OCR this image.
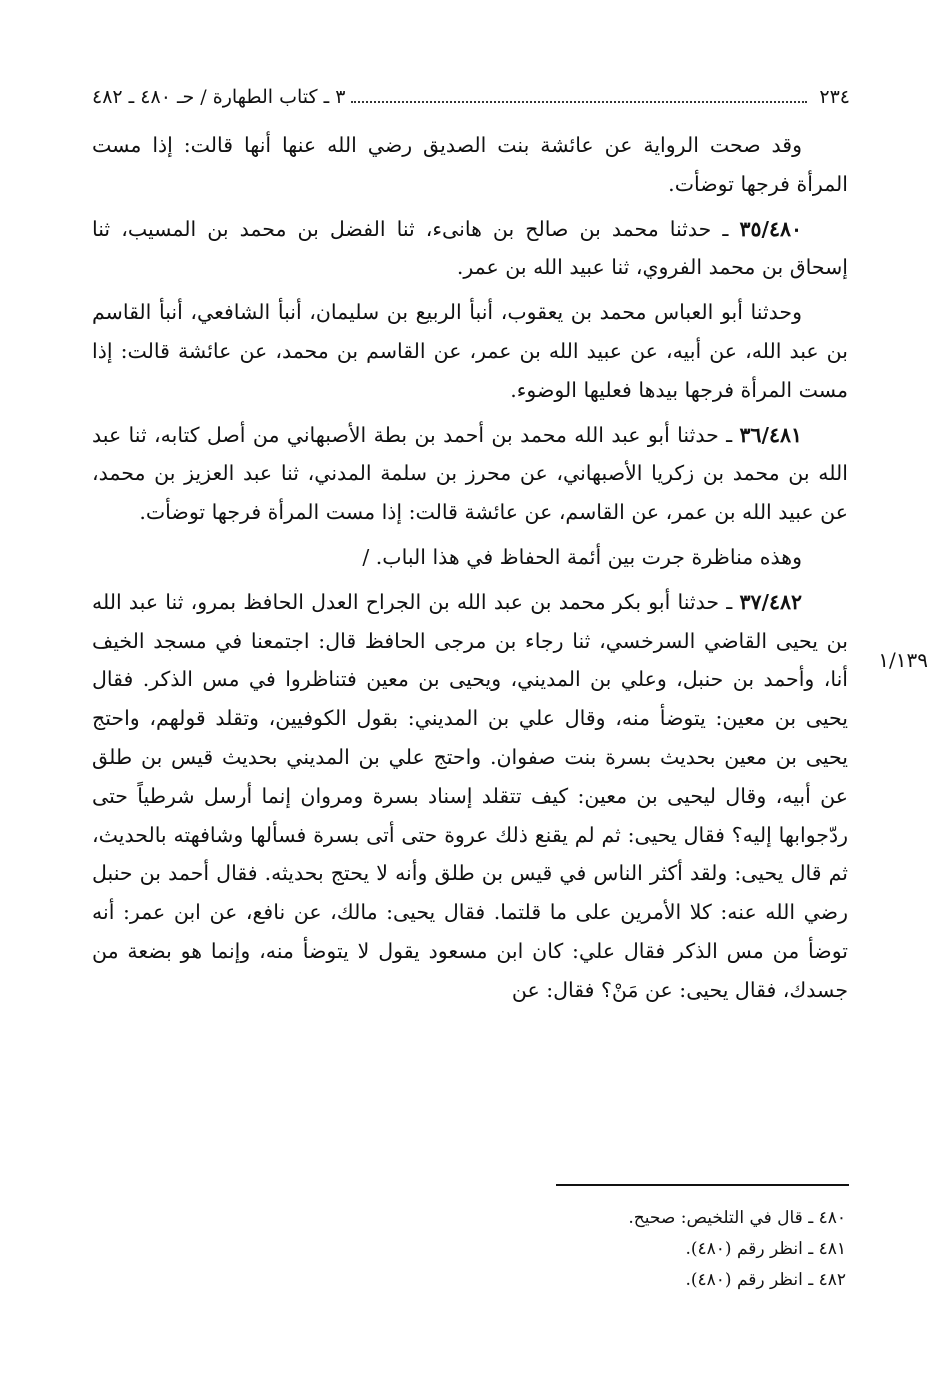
٢٣٤
٣ ـ كتاب الطهارة / حـ ٤٨٠ ـ ٤٨٢

وقد صحت الرواية عن عائشة بنت الصديق رضي الله عنها أنها قالت: إذا مست المرأة فرجها توضأت.

٣٥/٤٨٠ ـ حدثنا محمد بن صالح بن هانىء، ثنا الفضل بن محمد بن المسيب، ثنا إسحاق بن محمد الفروي، ثنا عبيد الله بن عمر.

وحدثنا أبو العباس محمد بن يعقوب، أنبأ الربيع بن سليمان، أنبأ الشافعي، أنبأ القاسم بن عبد الله، عن أبيه، عن عبيد الله بن عمر، عن القاسم بن محمد، عن عائشة قالت: إذا مست المرأة فرجها بيدها فعليها الوضوء.

٣٦/٤٨١ ـ حدثنا أبو عبد الله محمد بن أحمد بن بطة الأصبهاني من أصل كتابه، ثنا عبد الله بن محمد بن زكريا الأصبهاني، عن محرز بن سلمة المدني، ثنا عبد العزيز بن محمد، عن عبيد الله بن عمر، عن القاسم، عن عائشة قالت: إذا مست المرأة فرجها توضأت.

وهذه مناظرة جرت بين أئمة الحفاظ في هذا الباب. /

٣٧/٤٨٢ ـ حدثنا أبو بكر محمد بن عبد الله بن الجراح العدل الحافظ بمرو، ثنا عبد الله بن يحيى القاضي السرخسي، ثنا رجاء بن مرجى الحافظ قال: اجتمعنا في مسجد الخيف أنا، وأحمد بن حنبل، وعلي بن المديني، ويحيى بن معين فتناظروا في مس الذكر. فقال يحيى بن معين: يتوضأ منه، وقال علي بن المديني: بقول الكوفيين، وتقلد قولهم، واحتج يحيى بن معين بحديث بسرة بنت صفوان. واحتج علي بن المديني بحديث قيس بن طلق عن أبيه، وقال ليحيى بن معين: كيف تتقلد إسناد بسرة ومروان إنما أرسل شرطياً حتى ردّجوابها إليه؟ فقال يحيى: ثم لم يقنع ذلك عروة حتى أتى بسرة فسألها وشافهته بالحديث، ثم قال يحيى: ولقد أكثر الناس في قيس بن طلق وأنه لا يحتج بحديثه. فقال أحمد بن حنبل رضي الله عنه: كلا الأمرين على ما قلتما. فقال يحيى: مالك، عن نافع، عن ابن عمر: أنه توضأ من مس الذكر فقال علي: كان ابن مسعود يقول لا يتوضأ منه، وإنما هو بضعة من جسدك، فقال يحيى: عن مَنْ؟ فقال: عن

١/١٣٩

٤٨٠ ـ قال في التلخيص: صحيح.

٤٨١ ـ انظر رقم (٤٨٠).

٤٨٢ ـ انظر رقم (٤٨٠).
